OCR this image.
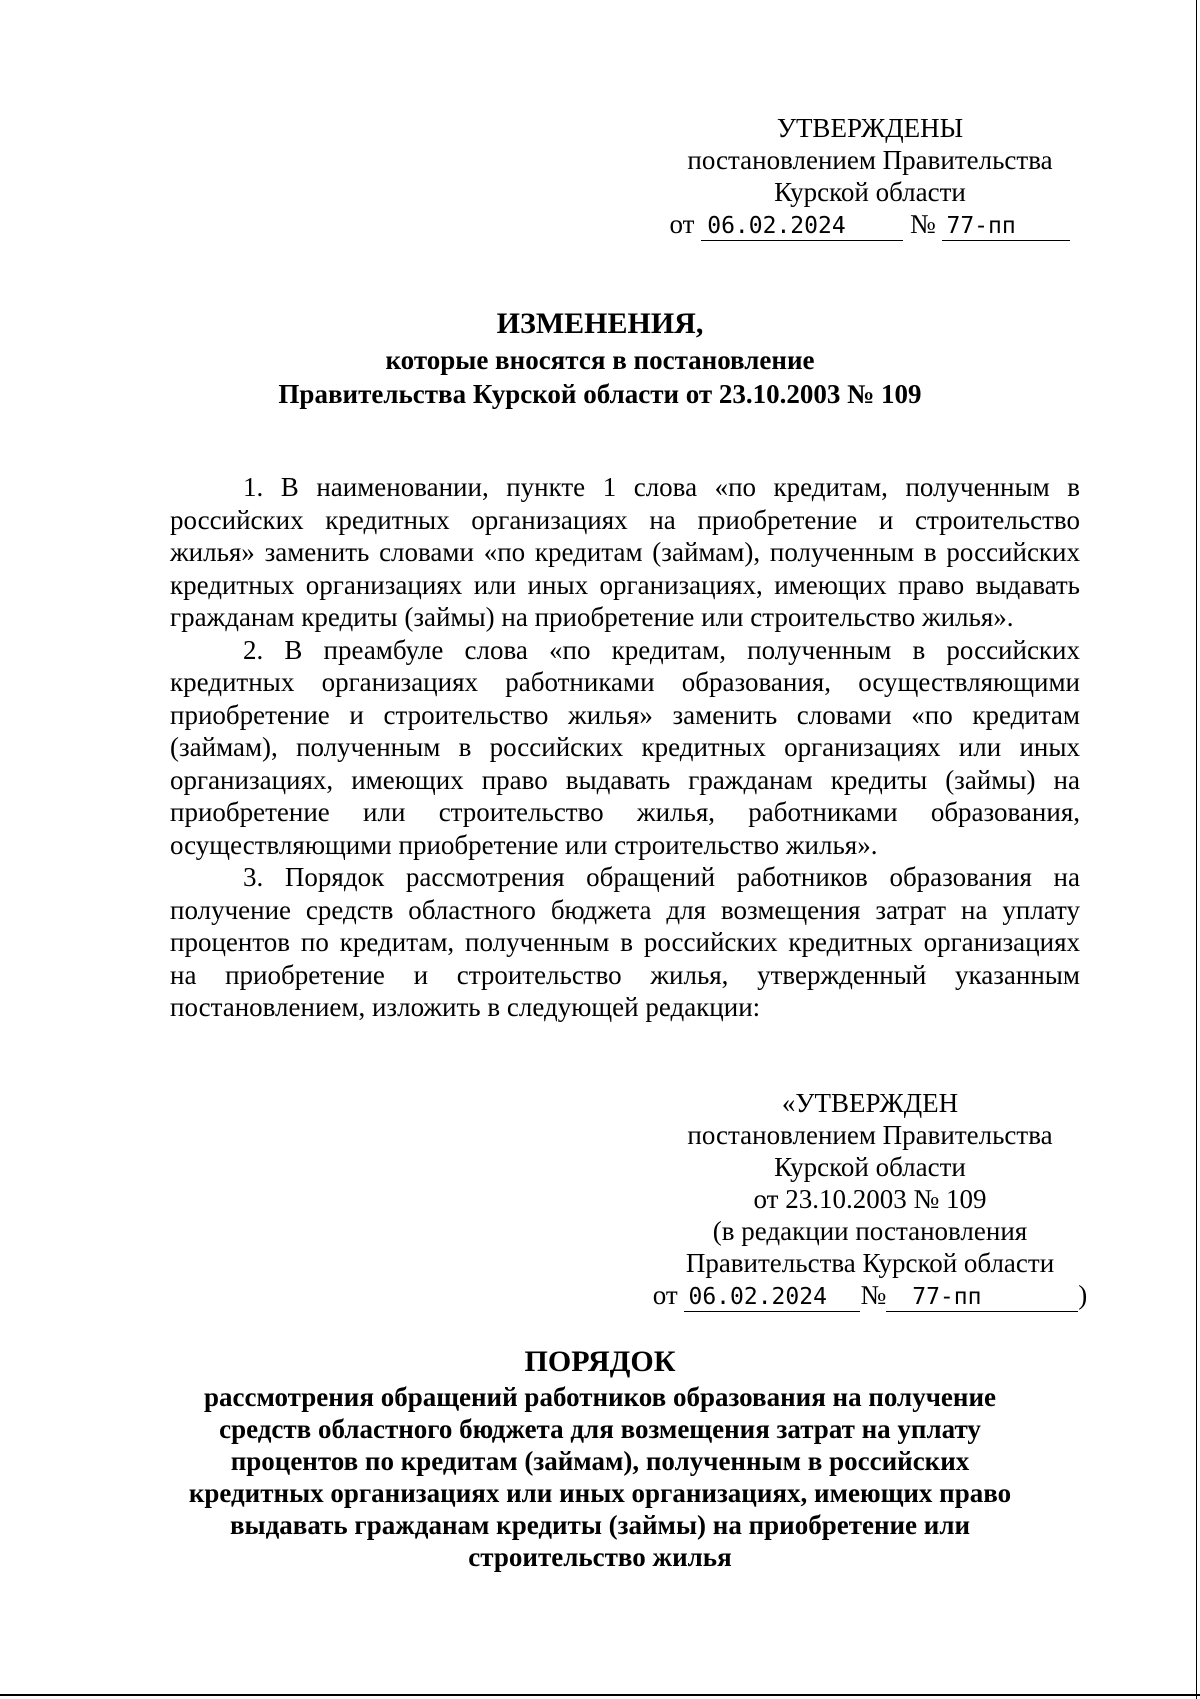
УТВЕРЖДЕНЫ
постановлением Правительства
Курской области
от 06.02.2024 № 77-пп
ИЗМЕНЕНИЯ,
которые вносятся в постановление
Правительства Курской области от 23.10.2003 № 109

1. В наименовании, пункте 1 слова «по кредитам, полученным в российских кредитных организациях на приобретение и строительство жилья» заменить словами «по кредитам (займам), полученным в российских кредитных организациях или иных организациях, имеющих право выдавать гражданам кредиты (займы) на приобретение или строительство жилья».

2. В преамбуле слова «по кредитам, полученным в российских кредитных организациях работниками образования, осуществляющими приобретение и строительство жилья» заменить словами «по кредитам (займам), полученным в российских кредитных организациях или иных организациях, имеющих право выдавать гражданам кредиты (займы) на приобретение или строительство жилья, работниками образования, осуществляющими приобретение или строительство жилья».

3. Порядок рассмотрения обращений работников образования на получение средств областного бюджета для возмещения затрат на уплату процентов по кредитам, полученным в российских кредитных организациях на приобретение и строительство жилья, утвержденный указанным постановлением, изложить в следующей редакции:

«УТВЕРЖДЕН
постановлением Правительства
Курской области
от 23.10.2003 № 109
(в редакции постановления
Правительства Курской области
от 06.02.2024 № 77-пп	)
ПОРЯДОК
рассмотрения обращений работников образования на получение
средств областного бюджета для возмещения затрат на уплату
процентов по кредитам (займам), полученным в российских
кредитных организациях или иных организациях, имеющих право
выдавать гражданам кредиты (займы) на приобретение или
строительство жилья
